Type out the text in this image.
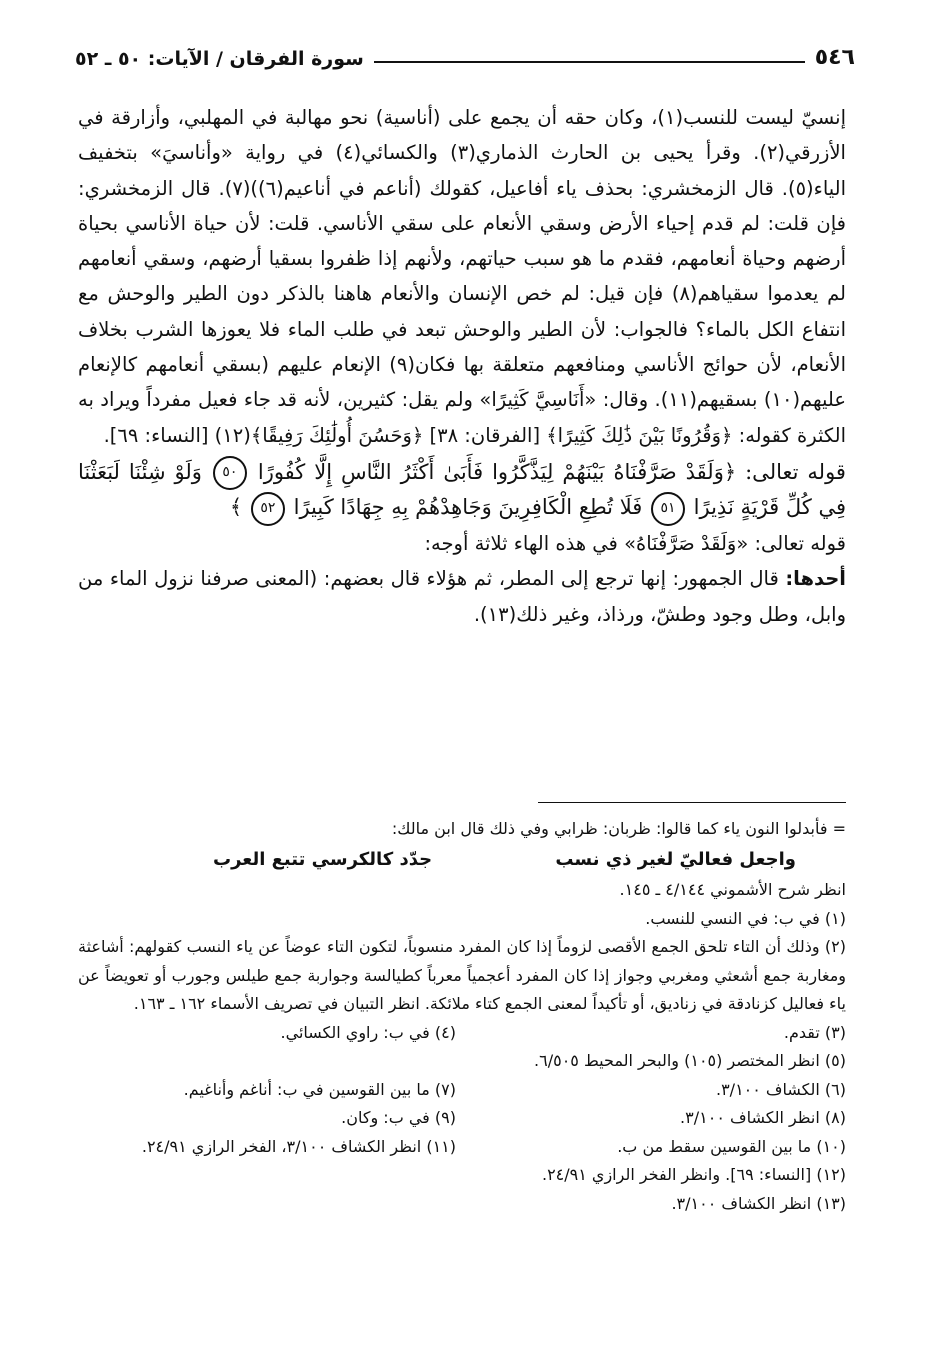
سورة الفرقان / الآيات: ٥٠ ـ ٥٢	٥٤٦

إنسيّ ليست للنسب(١)، وكان حقه أن يجمع على (أناسية) نحو مهالبة في المهلبي، وأزارقة في الأزرقي(٢). وقرأ يحيى بن الحارث الذماري(٣) والكسائي(٤) في رواية «وأناسيَ» بتخفيف الياء(٥). قال الزمخشري: بحذف ياء أفاعيل، كقولك (أناعم في أناعيم(٦))(٧). قال الزمخشري: فإن قلت: لم قدم إحياء الأرض وسقي الأنعام على سقي الأناسي. قلت: لأن حياة الأناسي بحياة أرضهم وحياة أنعامهم، فقدم ما هو سبب حياتهم، ولأنهم إذا ظفروا بسقيا أرضهم، وسقي أنعامهم لم يعدموا سقياهم(٨) فإن قيل: لم خص الإنسان والأنعام هاهنا بالذكر دون الطير والوحش مع انتفاع الكل بالماء؟ فالجواب: لأن الطير والوحش تبعد في طلب الماء فلا يعوزها الشرب بخلاف الأنعام، لأن حوائج الأناسي ومنافعهم متعلقة بها فكان(٩) الإنعام عليهم (بسقي أنعامهم كالإنعام عليهم(١٠) بسقيهم(١١). وقال: «أَنَاسِيَّ كَثِيرًا» ولم يقل: كثيرين، لأنه قد جاء فعيل مفرداً ويراد به الكثرة كقوله: ﴿وَقُرُونًا بَيْنَ ذَٰلِكَ كَثِيرًا﴾ [الفرقان: ٣٨] ﴿وَحَسُنَ أُولَٰئِكَ رَفِيقًا﴾(١٢) [النساء: ٦٩].

قوله تعالى: ﴿وَلَقَدْ صَرَّفْنَاهُ بَيْنَهُمْ لِيَذَّكَّرُوا فَأَبَىٰ أَكْثَرُ النَّاسِ إِلَّا كُفُورًا ٥٠ وَلَوْ شِئْنَا لَبَعَثْنَا فِي كُلِّ قَرْيَةٍ نَذِيرًا ٥١ فَلَا تُطِعِ الْكَافِرِينَ وَجَاهِدْهُمْ بِهِ جِهَادًا كَبِيرًا ٥٢ ﴾

قوله تعالى: «وَلَقَدْ صَرَّفْنَاهُ» في هذه الهاء ثلاثة أوجه:

أحدها: قال الجمهور: إنها ترجع إلى المطر، ثم هؤلاء قال بعضهم: (المعنى صرفنا نزول الماء من وابل، وطل وجود وطشّ، ورذاذ، وغير ذلك(١٣).

= فأبدلوا النون ياء كما قالوا: ظربان: ظرابي وفي ذلك قال ابن مالك:
واجعل فعاليّ لغير ذي نسب
جدّد كالكرسي تتبع العرب
انظر شرح الأشموني ٤/١٤٤ ـ ١٤٥.
(١) في ب: في النسي للنسب.
(٢) وذلك أن التاء تلحق الجمع الأقصى لزوماً إذا كان المفرد منسوباً، لتكون التاء عوضاً عن ياء النسب كقولهم: أشاعثة ومغاربة جمع أشعثي ومغربي وجواز إذا كان المفرد أعجمياً معرباً كطيالسة وجواربة جمع طيلس وجورب أو تعويضاً عن ياء فعاليل كزنادقة في زناديق، أو تأكيداً لمعنى الجمع كتاء ملائكة. انظر التبيان في تصريف الأسماء ١٦٢ ـ ١٦٣.
(٣) تقدم.
(٤) في ب: راوي الكسائي.
(٥) انظر المختصر (١٠٥) والبحر المحيط ٦/٥٠٥.
(٦) الكشاف ٣/١٠٠.
(٧) ما بين القوسين في ب: أناغم وأناغيم.
(٨) انظر الكشاف ٣/١٠٠.
(٩) في ب: وكان.
(١٠) ما بين القوسين سقط من ب.
(١١) انظر الكشاف ٣/١٠٠، الفخر الرازي ٢٤/٩١.
(١٢) [النساء: ٦٩]. وانظر الفخر الرازي ٢٤/٩١.
(١٣) انظر الكشاف ٣/١٠٠.
